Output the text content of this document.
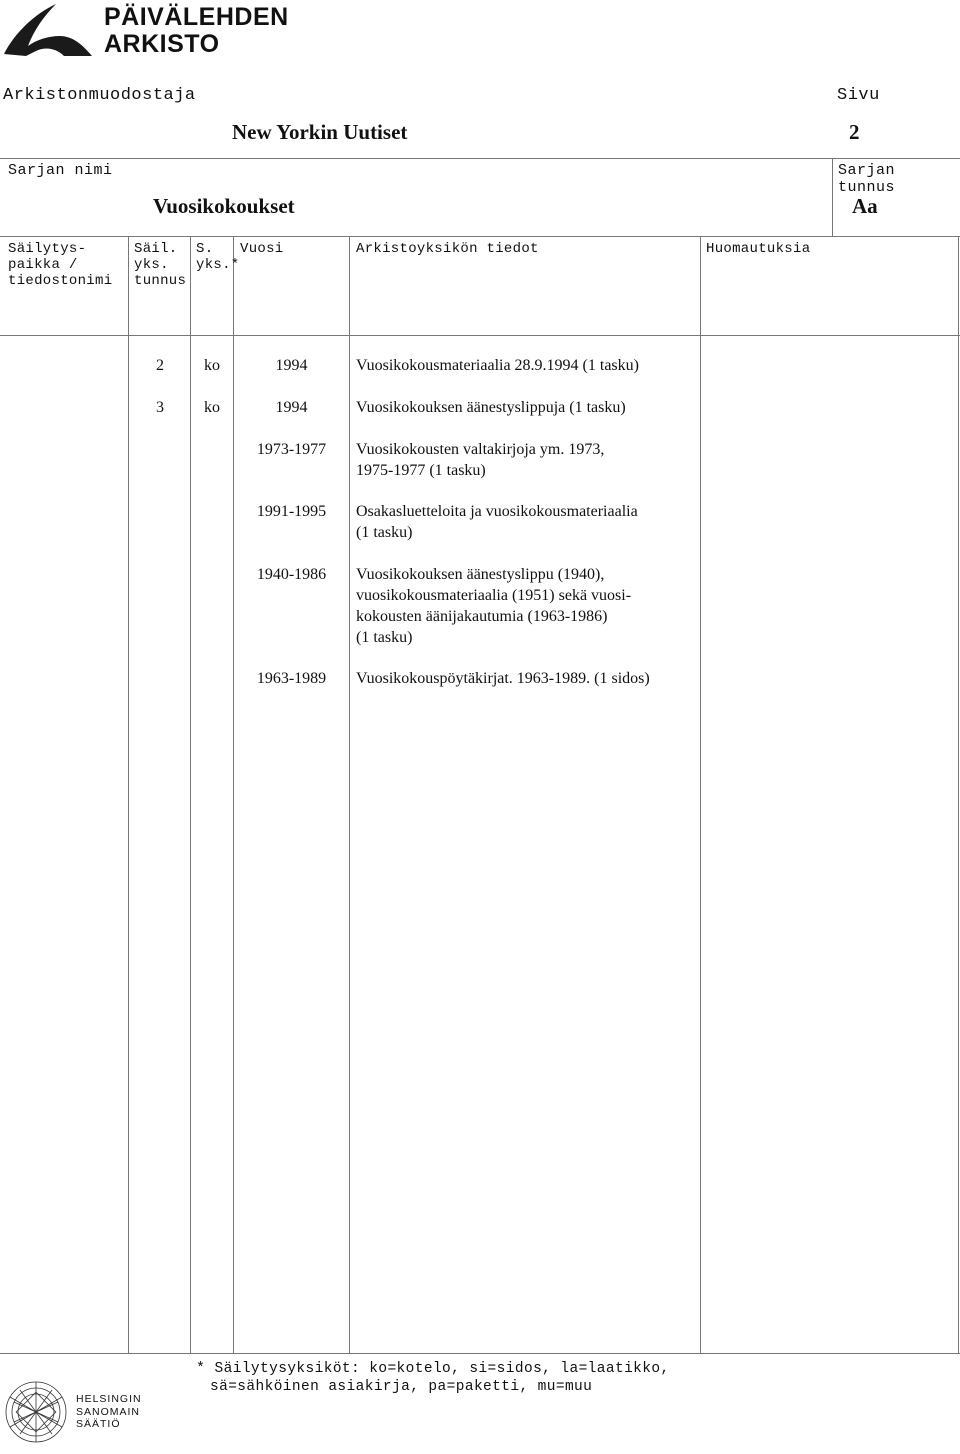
PÄIVÄLEHDEN
ARKISTO
Arkistonmuodostaja
New Yorkin Uutiset
Sivu
2
Sarjan nimi
Vuosikokoukset
Sarjan tunnus
Aa
Säilytys-
paikka /
tiedostonimi
Säil.
yks.
tunnus
S.
yks.*
Vuosi	Arkistoyksikön tiedot	Huomautuksia
2	ko	1994	Vuosikokousmateriaalia 28.9.1994 (1 tasku)
3	ko	1994	Vuosikokouksen äänestyslippuja (1 tasku)
1973-1977	Vuosikokousten valtakirjoja ym. 1973,
1975-1977 (1 tasku)
1991-1995	Osakasluetteloita ja vuosikokousmateriaalia
(1 tasku)
1940-1986	Vuosikokouksen äänestyslippu (1940),
vuosikokousmateriaalia (1951) sekä vuosi-
kokousten äänijakautumia (1963-1986)
(1 tasku)
1963-1989	Vuosikokouspöytäkirjat. 1963-1989. (1 sidos)
* Säilytysyksiköt: ko=kotelo, si=sidos, la=laatikko,
sä=sähköinen asiakirja, pa=paketti, mu=muu
HELSINGIN
SANOMAIN
SÄÄTIÖ
